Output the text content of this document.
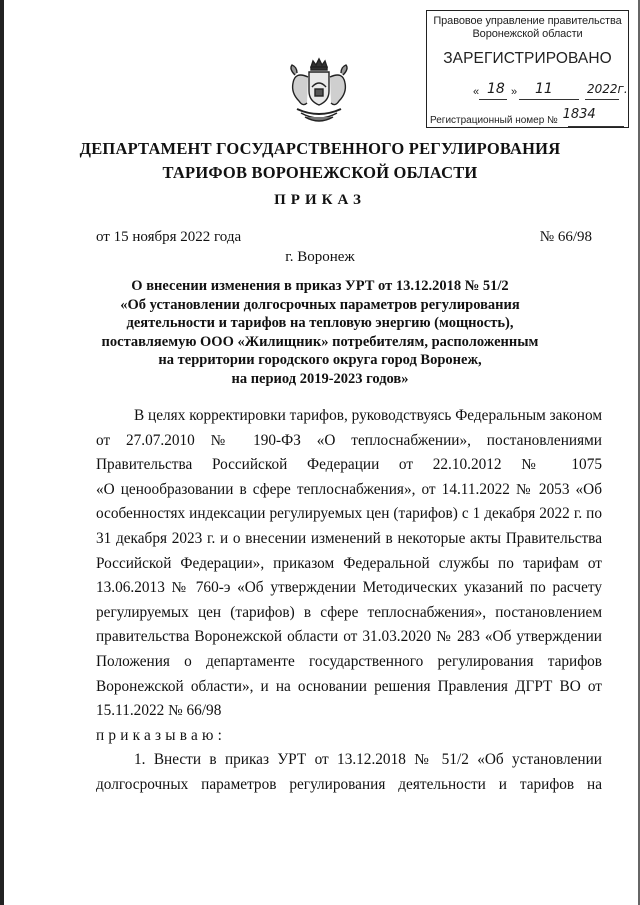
Правовое управление правительства
Воронежской области
ЗАРЕГИСТРИРОВАНО
« 18 » 11	2022г.
Регистрационный номер № 1834
ДЕПАРТАМЕНТ ГОСУДАРСТВЕННОГО РЕГУЛИРОВАНИЯ
ТАРИФОВ ВОРОНЕЖСКОЙ ОБЛАСТИ
ПРИКАЗ
от 15 ноября 2022 года	№ 66/98
г. Воронеж
О внесении изменения в приказ УРТ от 13.12.2018 № 51/2
«Об установлении долгосрочных параметров регулирования
деятельности и тарифов на тепловую энергию (мощность),
поставляемую ООО «Жилищник» потребителям, расположенным
на территории городского округа город Воронеж,
на период 2019-2023 годов»

В целях корректировки тарифов, руководствуясь Федеральным законом

от 27.07.2010 № 190-ФЗ «О теплоснабжении», постановлениями

Правительства Российской Федерации от 22.10.2012 № 1075

«О ценообразовании в сфере теплоснабжения», от 14.11.2022 № 2053 «Об

особенностях индексации регулируемых цен (тарифов) с 1 декабря 2022 г. по

31 декабря 2023 г. и о внесении изменений в некоторые акты Правительства

Российской Федерации», приказом Федеральной службы по тарифам от

13.06.2013 № 760-э «Об утверждении Методических указаний по расчету

регулируемых цен (тарифов) в сфере теплоснабжения», постановлением

правительства Воронежской области от 31.03.2020 № 283 «Об утверждении

Положения о департаменте государственного регулирования тарифов

Воронежской области», и на основании решения Правления ДГРТ ВО от

15.11.2022 № 66/98

приказываю:

1. Внести в приказ УРТ от 13.12.2018 № 51/2 «Об установлении

долгосрочных параметров регулирования деятельности и тарифов на
